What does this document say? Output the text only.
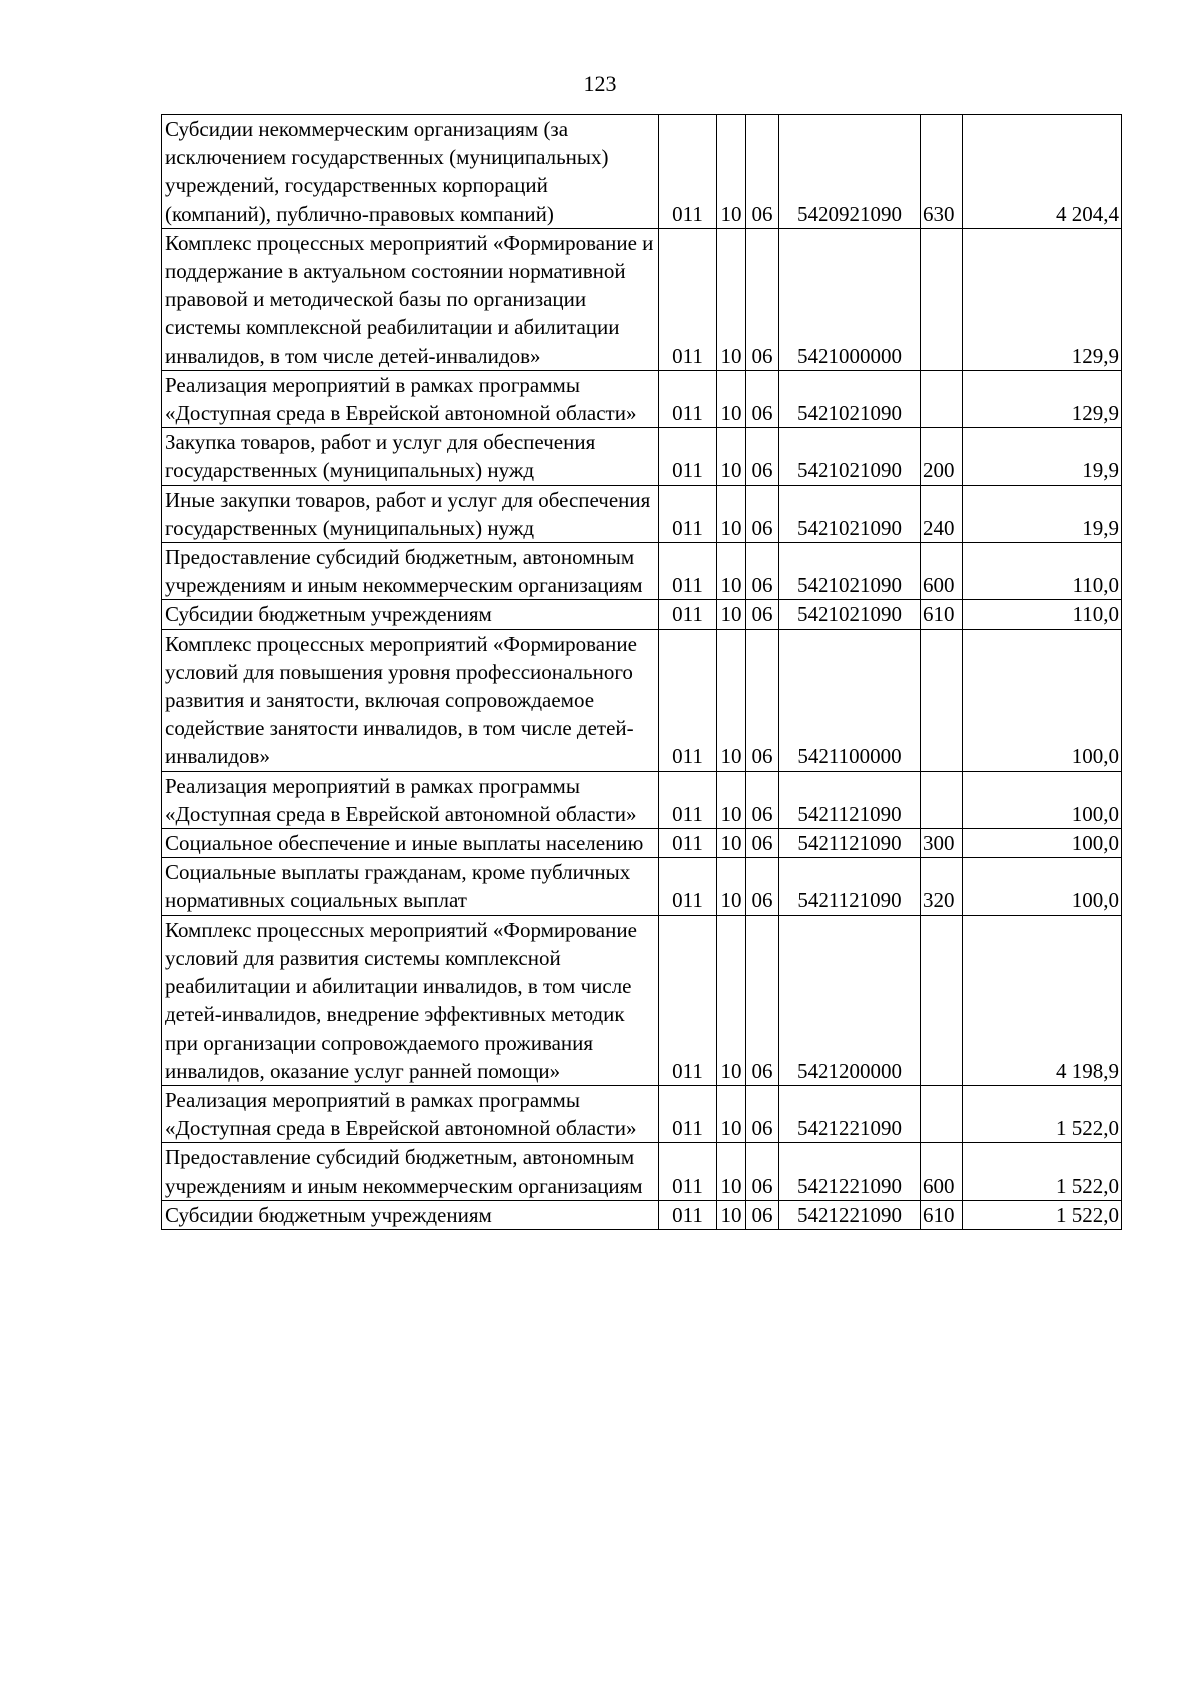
123
Субсидии некоммерческим организациям (за исключением государственных (муниципальных) учреждений, государственных корпораций (компаний), публично-правовых компаний)	011	10	06	5420921090	630	4 204,4
Комплекс процессных мероприятий «Формирование и поддержание в актуальном состоянии нормативной правовой и методической базы по организации системы комплексной реабилитации и абилитации инвалидов, в том числе детей-инвалидов»	011	10	06	5421000000		129,9
Реализация мероприятий в рамках программы «Доступная среда в Еврейской автономной области»	011	10	06	5421021090		129,9
Закупка товаров, работ и услуг для обеспечения государственных (муниципальных) нужд	011	10	06	5421021090	200	19,9
Иные закупки товаров, работ и услуг для обеспечения государственных (муниципальных) нужд	011	10	06	5421021090	240	19,9
Предоставление субсидий бюджетным, автономным учреждениям и иным некоммерческим организациям	011	10	06	5421021090	600	110,0
Субсидии бюджетным учреждениям	011	10	06	5421021090	610	110,0
Комплекс процессных мероприятий «Формирование условий для повышения уровня профессионального развития и занятости, включая сопровождаемое содействие занятости инвалидов, в том числе детей-инвалидов»	011	10	06	5421100000		100,0
Реализация мероприятий в рамках программы «Доступная среда в Еврейской автономной области»	011	10	06	5421121090		100,0
Социальное обеспечение и иные выплаты населению	011	10	06	5421121090	300	100,0
Социальные выплаты гражданам, кроме публичных нормативных социальных выплат	011	10	06	5421121090	320	100,0
Комплекс процессных мероприятий «Формирование условий для развития системы комплексной реабилитации и абилитации инвалидов, в том числе детей-инвалидов, внедрение эффективных методик при организации сопровождаемого проживания инвалидов, оказание услуг ранней помощи»	011	10	06	5421200000		4 198,9
Реализация мероприятий в рамках программы «Доступная среда в Еврейской автономной области»	011	10	06	5421221090		1 522,0
Предоставление субсидий бюджетным, автономным учреждениям и иным некоммерческим организациям	011	10	06	5421221090	600	1 522,0
Субсидии бюджетным учреждениям	011	10	06	5421221090	610	1 522,0
